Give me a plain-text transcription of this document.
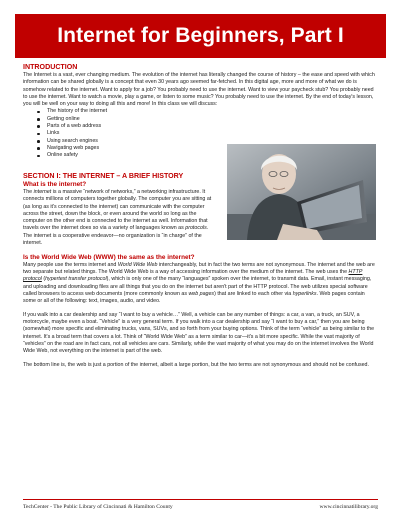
Internet for Beginners, Part I
INTRODUCTION

The Internet is a vast, ever changing medium. The evolution of the internet has literally changed the course of history – the ease and speed with which information can be shared globally is a concept that even 30 years ago seemed far-fetched. In this digital age, more and more of what we do is somehow related to the internet. Want to apply for a job? You probably need to use the internet. Want to view your paycheck stub? You probably need to use the internet. Want to watch a movie, play a game, or listen to some music? You probably need to use the internet. By the end of today's lesson, you will be well on your way to doing all this and more! In this class we will discuss:

The history of the internet
Getting online
Parts of a web address
Links
Using search engines
Navigating web pages
Online safety
SECTION I: THE INTERNET – A BRIEF HISTORY
What is the internet?

The internet is a massive “network of networks,” a networking infrastructure. It connects millions of computers together globally. The computer you are sitting at (as long as it's connected to the internet) can communicate with the computer across the street, down the block, or even around the world so long as the computer on the other end is connected to the internet as well. Information that travels over the internet does so via a variety of languages known as protocols. The internet is a cooperative endeavor—no organization is “in charge” of the internet.

Is the World Wide Web (WWW) the same as the internet?

Many people use the terms internet and World Wide Web interchangeably, but in fact the two terms are not synonymous. The internet and the web are two separate but related things. The World Wide Web is a way of accessing information over the medium of the internet. The web uses the HTTP protocol (hypertext transfer protocol), which is only one of the many “languages” spoken over the internet, to transmit data. Email, instant messaging, and uploading and downloading files are all things that you do on the internet but aren't part of the HTTP protocol. The web utilizes special software called browsers to access web documents (more commonly known as web pages) that are linked to each other via hyperlinks. Web pages contain some or all of the following: text, images, audio, and video.

If you walk into a car dealership and say “I want to buy a vehicle…” Well, a vehicle can be any number of things: a car, a van, a truck, an SUV, a motorcycle, maybe even a boat. “Vehicle” is a very general term. If you walk into a car dealership and say “I want to buy a car,” then you are being (somewhat) more specific and eliminating trucks, vans, SUVs, and so forth from your buying options. Think of the term “vehicle” as being similar to the internet. It's a broad term that covers a lot. Think of “World Wide Web” as a term similar to car—it's a bit more specific. While the vast majority of “vehicles” on the road are in fact cars, not all vehicles are cars. Similarly, while the vast majority of what you may do on the internet involves the World Wide Web, not everything on the internet is part of the web.

The bottom line is, the web is just a portion of the internet, albeit a large portion, but the two terms are not synonymous and should not be confused.

TechCenter - The Public Library of Cincinnati & Hamilton County	www.cincinnatilibrary.org
